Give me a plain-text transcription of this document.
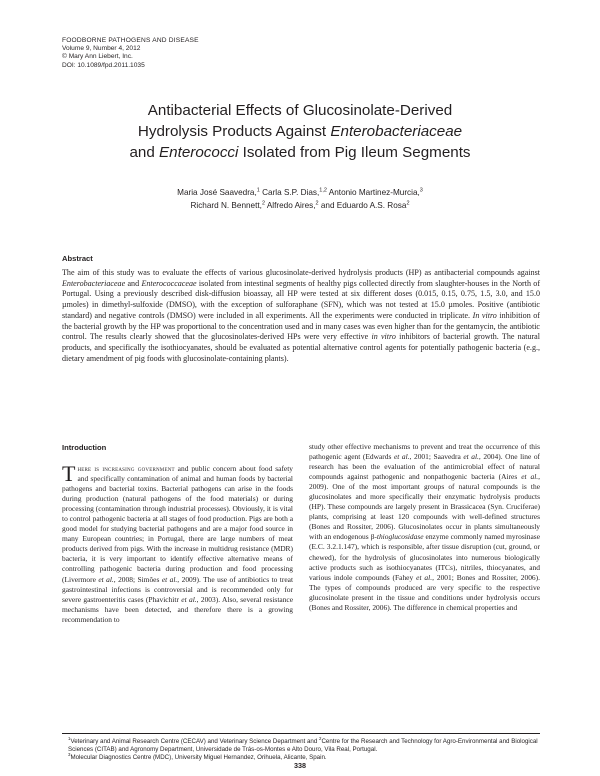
FOODBORNE PATHOGENS AND DISEASE
Volume 9, Number 4, 2012
© Mary Ann Liebert, Inc.
DOI: 10.1089/fpd.2011.1035
Antibacterial Effects of Glucosinolate-Derived
Hydrolysis Products Against Enterobacteriaceae
and Enterococci Isolated from Pig Ileum Segments
Maria José Saavedra,$^1$ Carla S.P. Dias,$^{1,2}$ Antonio Martinez-Murcia,$^3$
Richard N. Bennett,$^2$ Alfredo Aires,$^2$ and Eduardo A.S. Rosa$^2$
Abstract
The aim of this study was to evaluate the effects of various glucosinolate-derived hydrolysis products (HP) as antibacterial compounds against Enterobacteriaceae and Enterococcaceae isolated from intestinal segments of healthy pigs collected directly from slaughter-houses in the North of Portugal. Using a previously described disk-diffusion bioassay, all HP were tested at six different doses (0.015, 0.15, 0.75, 1.5, 3.0, and 15.0 µmoles) in dimethyl-sulfoxide (DMSO), with the exception of sulforaphane (SFN), which was not tested at 15.0 µmoles. Positive (antibiotic standard) and negative controls (DMSO) were included in all experiments. All the experiments were conducted in triplicate. In vitro inhibition of the bacterial growth by the HP was proportional to the concentration used and in many cases was even higher than for the gentamycin, the antibiotic control. The results clearly showed that the glucosinolates-derived HPs were very effective in vitro inhibitors of bacterial growth. The natural products, and specifically the isothiocyanates, should be evaluated as potential alternative control agents for potentially pathogenic bacteria (e.g., dietary amendment of pig foods with glucosinolate-containing plants).
Introduction
There is increasing government and public concern about food safety and specifically contamination of animal and human foods by bacterial pathogens and bacterial toxins. Bacterial pathogens can arise in the foods during production (natural pathogens of the food materials) or during processing (contamination through industrial processes). Obviously, it is vital to control pathogenic bacteria at all stages of food production. Pigs are both a good model for studying bacterial pathogens and are a major food source in many European countries; in Portugal, there are large numbers of meat products derived from pigs. With the increase in multidrug resistance (MDR) bacteria, it is very important to identify effective alternative means of controlling pathogenic bacteria during production and food processing (Livermore et al., 2008; Simões et al., 2009). The use of antibiotics to treat gastrointestinal infections is controversial and is recommended only for severe gastroenteritis cases (Phavichitr et al., 2003). Also, several resistance mechanisms have been detected, and therefore there is a growing recommendation to
study other effective mechanisms to prevent and treat the occurrence of this pathogenic agent (Edwards et al., 2001; Saavedra et al., 2004). One line of research has been the evaluation of the antimicrobial effect of natural compounds against pathogenic and nonpathogenic bacteria (Aires et al., 2009). One of the most important groups of natural compounds is the glucosinolates and more specifically their enzymatic hydrolysis products (HP). These compounds are largely present in Brassicacea (Syn. Cruciferae) plants, comprising at least 120 compounds with well-defined structures (Bones and Rossiter, 2006). Glucosinolates occur in plants simultaneously with an endogenous β-thioglucosidase enzyme commonly named myrosinase (E.C. 3.2.1.147), which is responsible, after tissue disruption (cut, ground, or chewed), for the hydrolysis of glucosinolates into numerous biologically active products such as isothiocyanates (ITCs), nitriles, thiocyanates, and various indole compounds (Fahey et al., 2001; Bones and Rossiter, 2006). The types of compounds produced are very specific to the respective glucosinolate present in the tissue and conditions under hydrolysis occurs (Bones and Rossiter, 2006). The difference in chemical properties and
$^1$Veterinary and Animal Research Centre (CECAV) and Veterinary Science Department and $^2$Centre for the Research and Technology for Agro-Environmental and Biological Sciences (CITAB) and Agronomy Department, Universidade de Trás-os-Montes e Alto Douro, Vila Real, Portugal.
$^3$Molecular Diagnostics Centre (MDC), University Miguel Hernandez, Orihuela, Alicante, Spain.
338
